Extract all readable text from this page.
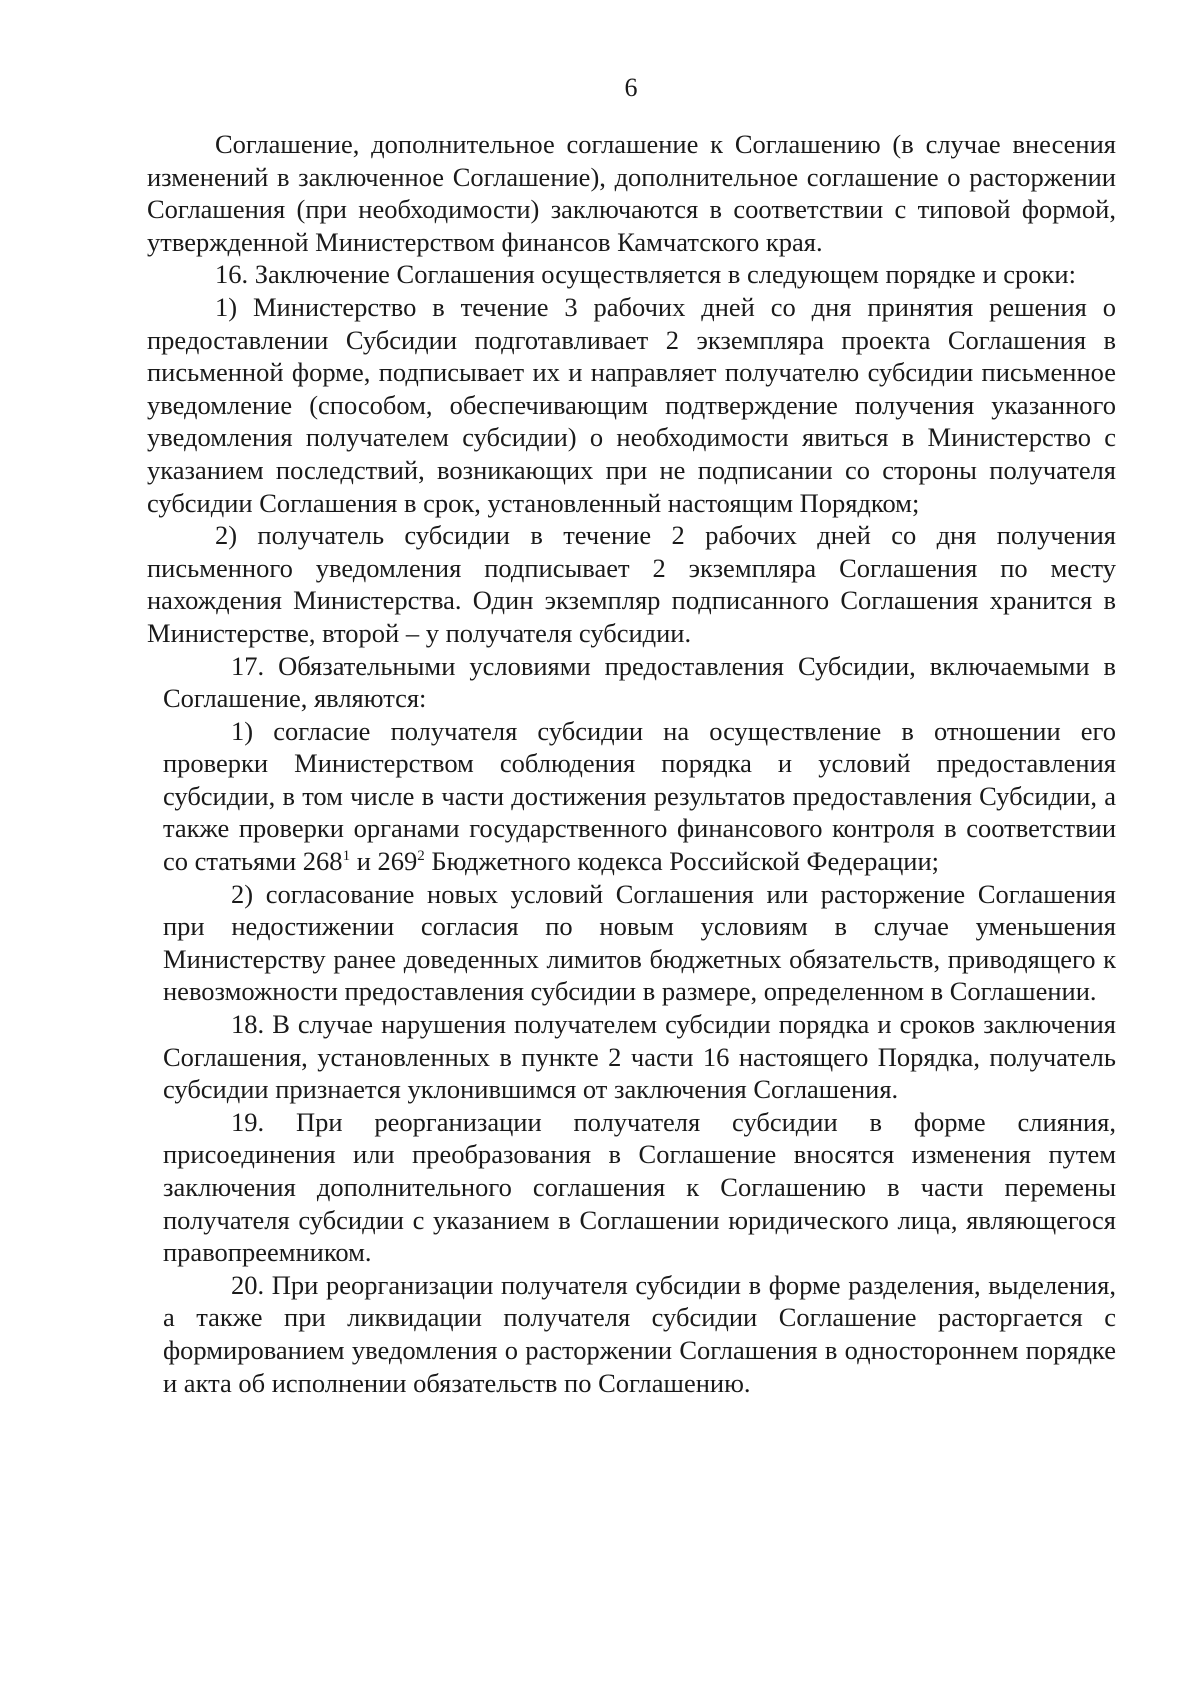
6

Соглашение, дополнительное соглашение к Соглашению (в случае внесения изменений в заключенное Соглашение), дополнительное соглашение о расторжении Соглашения (при необходимости) заключаются в соответствии с типовой формой, утвержденной Министерством финансов Камчатского края.

16. Заключение Соглашения осуществляется в следующем порядке и сроки:

1) Министерство в течение 3 рабочих дней со дня принятия решения о предоставлении Субсидии подготавливает 2 экземпляра проекта Соглашения в письменной форме, подписывает их и направляет получателю субсидии письменное уведомление (способом, обеспечивающим подтверждение получения указанного уведомления получателем субсидии) о необходимости явиться в Министерство с указанием последствий, возникающих при не подписании со стороны получателя субсидии Соглашения в срок, установленный настоящим Порядком;

2) получатель субсидии в течение 2 рабочих дней со дня получения письменного уведомления подписывает 2 экземпляра Соглашения по месту нахождения Министерства. Один экземпляр подписанного Соглашения хранится в Министерстве, второй – у получателя субсидии.

17. Обязательными условиями предоставления Субсидии, включаемыми в Соглашение, являются:

1) согласие получателя субсидии на осуществление в отношении его проверки Министерством соблюдения порядка и условий предоставления субсидии, в том числе в части достижения результатов предоставления Субсидии, а также проверки органами государственного финансового контроля в соответствии со статьями $268^1$ и $269^2$ Бюджетного кодекса Российской Федерации;

2) согласование новых условий Соглашения или расторжение Соглашения при недостижении согласия по новым условиям в случае уменьшения Министерству ранее доведенных лимитов бюджетных обязательств, приводящего к невозможности предоставления субсидии в размере, определенном в Соглашении.

18. В случае нарушения получателем субсидии порядка и сроков заключения Соглашения, установленных в пункте 2 части 16 настоящего Порядка, получатель субсидии признается уклонившимся от заключения Соглашения.

19. При реорганизации получателя субсидии в форме слияния, присоединения или преобразования в Соглашение вносятся изменения путем заключения дополнительного соглашения к Соглашению в части перемены получателя субсидии с указанием в Соглашении юридического лица, являющегося правопреемником.

20. При реорганизации получателя субсидии в форме разделения, выделения, а также при ликвидации получателя субсидии Соглашение расторгается с формированием уведомления о расторжении Соглашения в одностороннем порядке и акта об исполнении обязательств по Соглашению.
